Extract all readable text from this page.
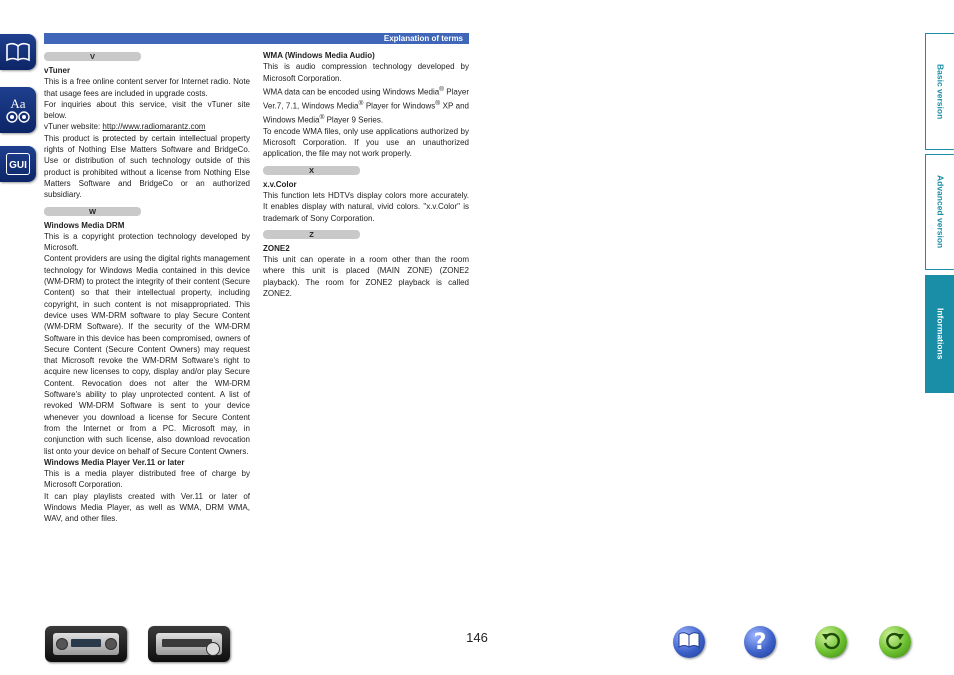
Aa
GUI
Explanation of terms
V

vTuner

This is a free online content server for Internet radio. Note that usage fees are included in upgrade costs.

For inquiries about this service, visit the vTuner site below.

vTuner website: http://www.radiomarantz.com

This product is protected by certain intellectual property rights of Nothing Else Matters Software and BridgeCo. Use or distribution of such technology outside of this product is prohibited without a license from Nothing Else Matters Software and BridgeCo or an authorized subsidiary.

W

Windows Media DRM

This is a copyright protection technology developed by Microsoft.

Content providers are using the digital rights management technology for Windows Media contained in this device (WM-DRM) to protect the integrity of their content (Secure Content) so that their intellectual property, including copyright, in such content is not misappropriated. This device uses WM-DRM software to play Secure Content (WM-DRM Software). If the security of the WM-DRM Software in this device has been compromised, owners of Secure Content (Secure Content Owners) may request that Microsoft revoke the WM-DRM Software's right to acquire new licenses to copy, display and/or play Secure Content. Revocation does not alter the WM-DRM Software's ability to play unprotected content. A list of revoked WM-DRM Software is sent to your device whenever you download a license for Secure Content from the Internet or from a PC. Microsoft may, in conjunction with such license, also download revocation list onto your device on behalf of Secure Content Owners.

Windows Media Player Ver.11 or later

This is a media player distributed free of charge by Microsoft Corporation.

It can play playlists created with Ver.11 or later of Windows Media Player, as well as WMA, DRM WMA, WAV, and other files.

WMA (Windows Media Audio)

This is audio compression technology developed by Microsoft Corporation.

WMA data can be encoded using Windows Media® Player Ver.7, 7.1, Windows Media® Player for Windows® XP and Windows Media® Player 9 Series.

To encode WMA files, only use applications authorized by Microsoft Corporation. If you use an unauthorized application, the file may not work properly.

X

x.v.Color

This function lets HDTVs display colors more accurately. It enables display with natural, vivid colors. "x.v.Color" is trademark of Sony Corporation.

Z

ZONE2

This unit can operate in a room other than the room where this unit is placed (MAIN ZONE) (ZONE2 playback). The room for ZONE2 playback is called ZONE2.

Basic version
Advanced version
Informations
146	?
